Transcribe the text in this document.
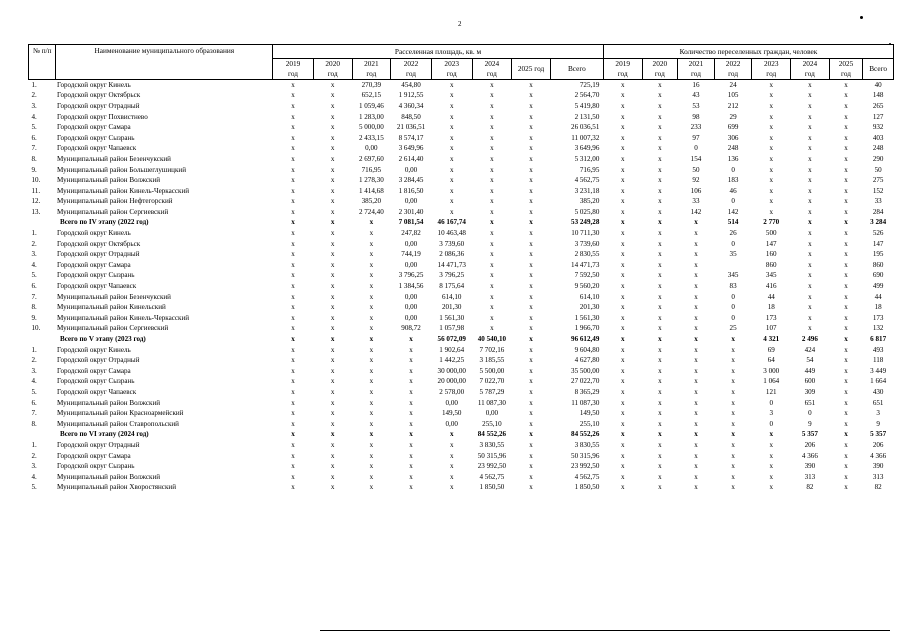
2
№ п/п	Наименование муниципального образования	Расселенная площадь, кв. м								Количество переселенных граждан, человек							
		2019	2020	2021	2022	2023	2024	2025 год	Всего	2019	2020	2021	2022	2023	2024	2025	Всего
		год	год	год	год	год	год			год	год	год	год	год	год	год	
1.	Городской округ Кинель	x	x	270,39	454,80	x	x	x	725,19	x	x	16	24	x	x	x	40
2.	Городской округ Октябрьск	x	x	652,15	1 912,55	x	x	x	2 564,70	x	x	43	105	x	x	x	148
3.	Городской округ Отрадный	x	x	1 059,46	4 360,34	x	x	x	5 419,80	x	x	53	212	x	x	x	265
4.	Городской округ Похвистнево	x	x	1 283,00	848,50	x	x	x	2 131,50	x	x	98	29	x	x	x	127
5.	Городской округ Самара	x	x	5 000,00	21 036,51	x	x	x	26 036,51	x	x	233	699	x	x	x	932
6.	Городской округ Сызрань	x	x	2 433,15	8 574,17	x	x	x	11 007,32	x	x	97	306	x	x	x	403
7.	Городской округ Чапаевск	x	x	0,00	3 649,96	x	x	x	3 649,96	x	x	0	248	x	x	x	248
8.	Муниципальный район Безенчукский	x	x	2 697,60	2 614,40	x	x	x	5 312,00	x	x	154	136	x	x	x	290
9.	Муниципальный район Большеглушицкий	x	x	716,95	0,00	x	x	x	716,95	x	x	50	0	x	x	x	50
10.	Муниципальный район Волжский	x	x	1 278,30	3 284,45	x	x	x	4 562,75	x	x	92	183	x	x	x	275
11.	Муниципальный район Кинель-Черкасский	x	x	1 414,68	1 816,50	x	x	x	3 231,18	x	x	106	46	x	x	x	152
12.	Муниципальный район Нефтегорский	x	x	385,20	0,00	x	x	x	385,20	x	x	33	0	x	x	x	33
13.	Муниципальный район Сергиевский	x	x	2 724,40	2 301,40	x	x	x	5 025,80	x	x	142	142	x	x	x	284
	Всего по IV этапу (2022 год)	x	x	x	7 081,54	46 167,74	x	x	53 249,28	x	x	x	514	2 770	x	x	3 284
1.	Городской округ Кинель	x	x	x	247,82	10 463,48	x	x	10 711,30	x	x	x	26	500	x	x	526
2.	Городской округ Октябрьск	x	x	x	0,00	3 739,60	x	x	3 739,60	x	x	x	0	147	x	x	147
3.	Городской округ Отрадный	x	x	x	744,19	2 086,36	x	x	2 830,55	x	x	x	35	160	x	x	195
4.	Городской округ Самара	x	x	x	0,00	14 471,73	x	x	14 471,73	x	x	x		860	x	x	860
5.	Городской округ Сызрань	x	x	x	3 796,25	3 796,25	x	x	7 592,50	x	x	x	345	345	x	x	690
6.	Городской округ Чапаевск	x	x	x	1 384,56	8 175,64	x	x	9 560,20	x	x	x	83	416	x	x	499
7.	Муниципальный район Безенчукский	x	x	x	0,00	614,10	x	x	614,10	x	x	x	0	44	x	x	44
8.	Муниципальный район Кинельский	x	x	x	0,00	201,30	x	x	201,30	x	x	x	0	18	x	x	18
9.	Муниципальный район Кинель-Черкасский	x	x	x	0,00	1 561,30	x	x	1 561,30	x	x	x	0	173	x	x	173
10.	Муниципальный район Сергиевский	x	x	x	908,72	1 057,98	x	x	1 966,70	x	x	x	25	107	x	x	132
	Всего по V этапу (2023 год)	x	x	x	x	56 072,09	40 540,10	x	96 612,49	x	x	x	x	4 321	2 496	x	6 817
1.	Городской округ Кинель	x	x	x	x	1 902,64	7 702,16	x	9 604,80	x	x	x	x	69	424	x	493
2.	Городской округ Отрадный	x	x	x	x	1 442,25	3 185,55	x	4 627,80	x	x	x	x	64	54	x	118
3.	Городской округ Самара	x	x	x	x	30 000,00	5 500,00	x	35 500,00	x	x	x	x	3 000	449	x	3 449
4.	Городской округ Сызрань	x	x	x	x	20 000,00	7 022,70	x	27 022,70	x	x	x	x	1 064	600	x	1 664
5.	Городской округ Чапаевск	x	x	x	x	2 578,00	5 787,29	x	8 365,29	x	x	x	x	121	309	x	430
6.	Муниципальный район Волжский	x	x	x	x	0,00	11 087,30	x	11 087,30	x	x	x	x	0	651	x	651
7.	Муниципальный район Красноармейский	x	x	x	x	149,50	0,00	x	149,50	x	x	x	x	3	0	x	3
8.	Муниципальный район Ставропольский	x	x	x	x	0,00	255,10	x	255,10	x	x	x	x	0	9	x	9
	Всего по VI этапу (2024 год)	x	x	x	x	x	84 552,26	x	84 552,26	x	x	x	x	x	5 357	x	5 357
1.	Городской округ Отрадный	x	x	x	x	x	3 830,55	x	3 830,55	x	x	x	x	x	206	x	206
2.	Городской округ Самара	x	x	x	x	x	50 315,96	x	50 315,96	x	x	x	x	x	4 366	x	4 366
3.	Городской округ Сызрань	x	x	x	x	x	23 992,50	x	23 992,50	x	x	x	x	x	390	x	390
4.	Муниципальный район Волжский	x	x	x	x	x	4 562,75	x	4 562,75	x	x	x	x	x	313	x	313
5.	Муниципальный район Хворостянский	x	x	x	x	x	1 850,50	x	1 850,50	x	x	x	x	x	82	x	82
